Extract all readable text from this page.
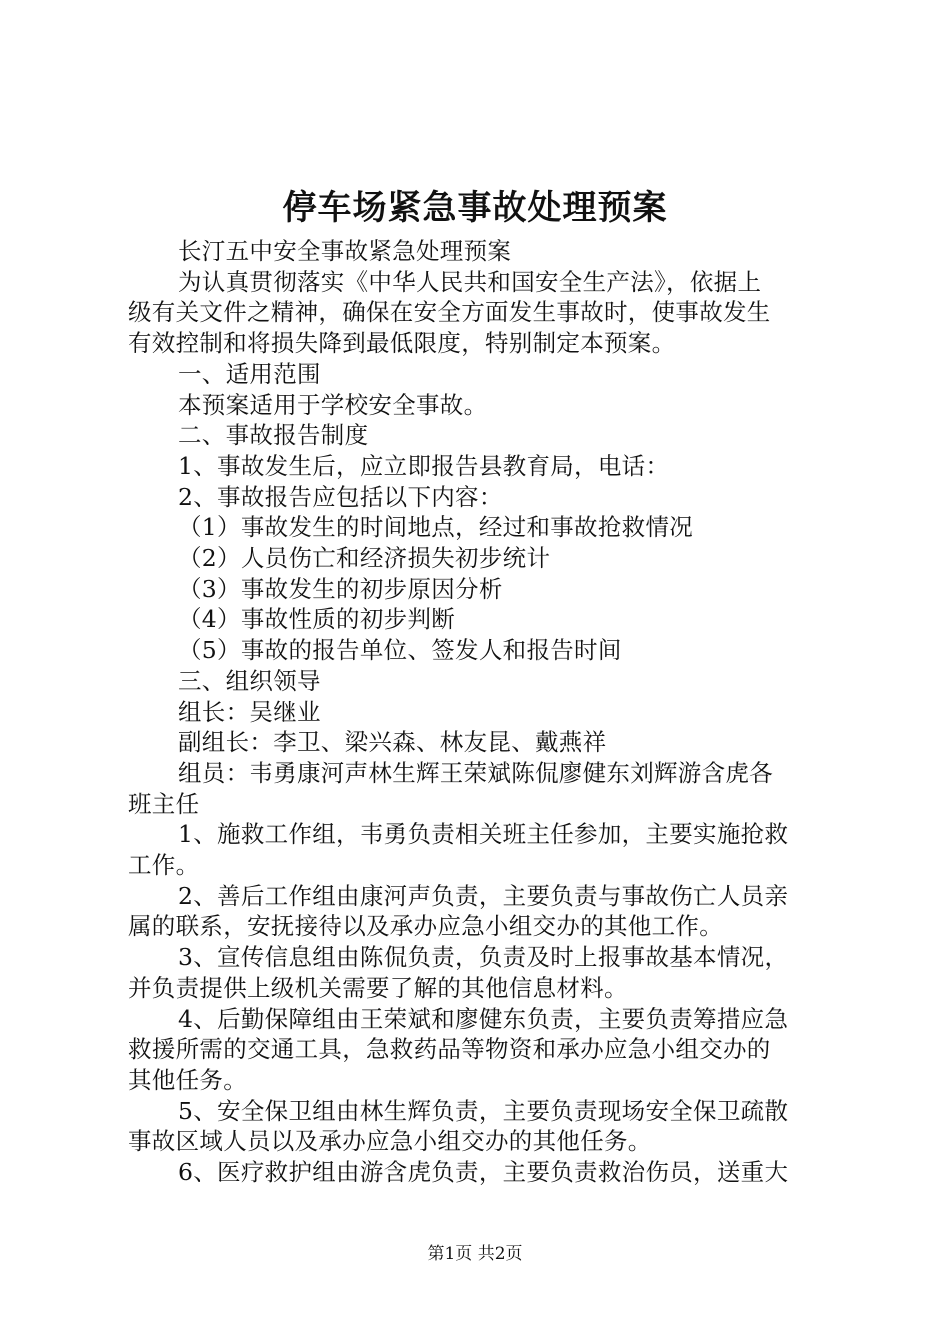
停车场紧急事故处理预案

长汀五中安全事故紧急处理预案

为认真贯彻落实《中华人民共和国安全生产法》，依据上

级有关文件之精神，确保在安全方面发生事故时，使事故发生

有效控制和将损失降到最低限度，特别制定本预案。

一、适用范围

本预案适用于学校安全事故。

二、事故报告制度

1、事故发生后，应立即报告县教育局，电话：

2、事故报告应包括以下内容：

（1）事故发生的时间地点，经过和事故抢救情况

（2）人员伤亡和经济损失初步统计

（3）事故发生的初步原因分析

（4）事故性质的初步判断

（5）事故的报告单位、签发人和报告时间

三、组织领导

组长：吴继业

副组长：李卫、梁兴森、林友昆、戴燕祥

组员：韦勇康河声林生辉王荣斌陈侃廖健东刘辉游含虎各

班主任

1、施救工作组，韦勇负责相关班主任参加，主要实施抢救

工作。

2、善后工作组由康河声负责，主要负责与事故伤亡人员亲

属的联系，安抚接待以及承办应急小组交办的其他工作。

3、宣传信息组由陈侃负责，负责及时上报事故基本情况，

并负责提供上级机关需要了解的其他信息材料。

4、后勤保障组由王荣斌和廖健东负责，主要负责筹措应急

救援所需的交通工具，急救药品等物资和承办应急小组交办的

其他任务。

5、安全保卫组由林生辉负责，主要负责现场安全保卫疏散

事故区域人员以及承办应急小组交办的其他任务。

6、医疗救护组由游含虎负责，主要负责救治伤员，送重大

第1页 共2页
